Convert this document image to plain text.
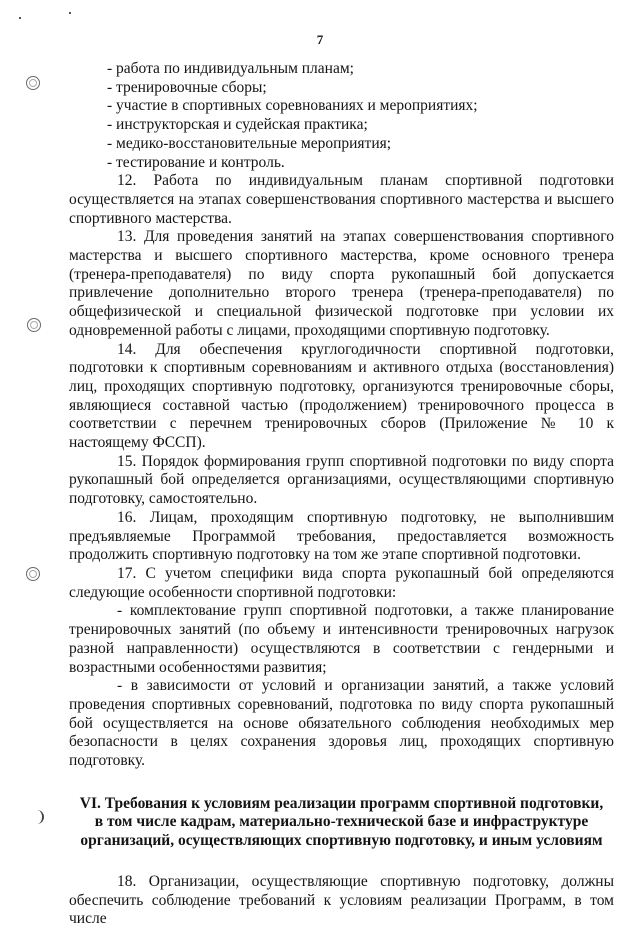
7

- работа по индивидуальным планам;

- тренировочные сборы;

- участие в спортивных соревнованиях и мероприятиях;

- инструкторская и судейская практика;

- медико-восстановительные мероприятия;

- тестирование и контроль.

12. Работа по индивидуальным планам спортивной подготовки осуществляется на этапах совершенствования спортивного мастерства и высшего спортивного мастерства.

13. Для проведения занятий на этапах совершенствования спортивного мастерства и высшего спортивного мастерства, кроме основного тренера (тренера-преподавателя) по виду спорта рукопашный бой допускается привлечение дополнительно второго тренера (тренера-преподавателя) по общефизической и специальной физической подготовке при условии их одновременной работы с лицами, проходящими спортивную подготовку.

14. Для обеспечения круглогодичности спортивной подготовки, подготовки к спортивным соревнованиям и активного отдыха (восстановления) лиц, проходящих спортивную подготовку, организуются тренировочные сборы, являющиеся составной частью (продолжением) тренировочного процесса в соответствии с перечнем тренировочных сборов (Приложение № 10 к настоящему ФССП).

15. Порядок формирования групп спортивной подготовки по виду спорта рукопашный бой определяется организациями, осуществляющими спортивную подготовку, самостоятельно.

16. Лицам, проходящим спортивную подготовку, не выполнившим предъявляемые Программой требования, предоставляется возможность продолжить спортивную подготовку на том же этапе спортивной подготовки.

17. С учетом специфики вида спорта рукопашный бой определяются следующие особенности спортивной подготовки:

- комплектование групп спортивной подготовки, а также планирование тренировочных занятий (по объему и интенсивности тренировочных нагрузок разной направленности) осуществляются в соответствии с гендерными и возрастными особенностями развития;

- в зависимости от условий и организации занятий, а также условий проведения спортивных соревнований, подготовка по виду спорта рукопашный бой осуществляется на основе обязательного соблюдения необходимых мер безопасности в целях сохранения здоровья лиц, проходящих спортивную подготовку.

VI. Требования к условиям реализации программ спортивной подготовки,
в том числе кадрам, материально-технической базе и инфраструктуре
организаций, осуществляющих спортивную подготовку, и иным условиям

18. Организации, осуществляющие спортивную подготовку, должны обеспечить соблюдение требований к условиям реализации Программ, в том числе
